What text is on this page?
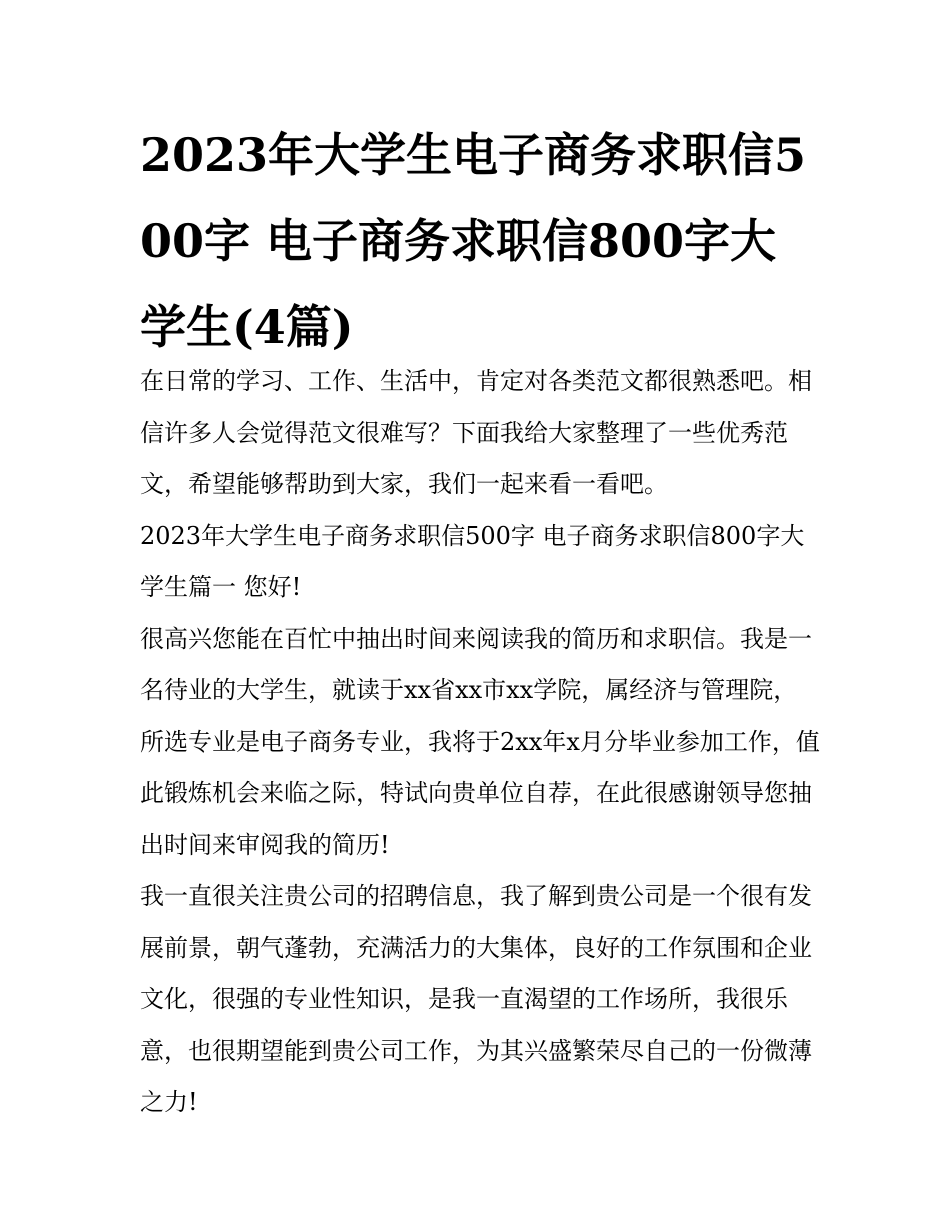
2023年大学生电子商务求职信500字 电子商务求职信800字大学生(4篇)

在日常的学习、工作、生活中，肯定对各类范文都很熟悉吧。相信许多人会觉得范文很难写？下面我给大家整理了一些优秀范文，希望能够帮助到大家，我们一起来看一看吧。

2023年大学生电子商务求职信500字 电子商务求职信800字大学生篇一 您好!

很高兴您能在百忙中抽出时间来阅读我的简历和求职信。我是一名待业的大学生，就读于xx省xx市xx学院，属经济与管理院，所选专业是电子商务专业，我将于2xx年x月分毕业参加工作，值此锻炼机会来临之际，特试向贵单位自荐，在此很感谢领导您抽出时间来审阅我的简历!

我一直很关注贵公司的招聘信息，我了解到贵公司是一个很有发展前景，朝气蓬勃，充满活力的大集体，良好的工作氛围和企业文化，很强的专业性知识，是我一直渴望的工作场所，我很乐意，也很期望能到贵公司工作，为其兴盛繁荣尽自己的一份微薄之力!
